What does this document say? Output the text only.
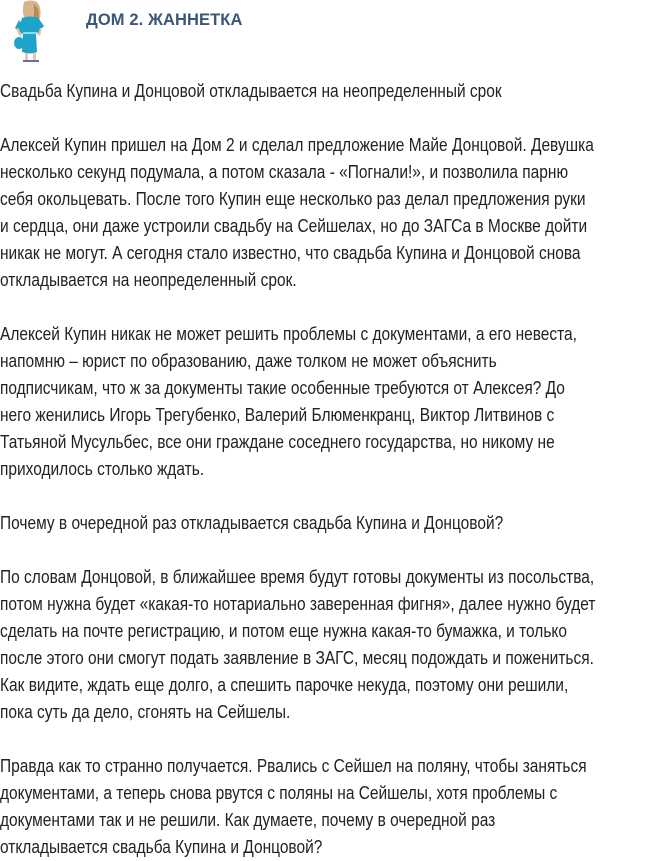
ДОМ 2. ЖАННЕТКА
Свадьба Купина и Донцовой откладывается на неопределенный срок
Алексей Купин пришел на Дом 2 и сделал предложение Майе Донцовой. Девушка
несколько секунд подумала, а потом сказала - «Погнали!», и позволила парню
себя окольцевать. После того Купин еще несколько раз делал предложения руки
и сердца, они даже устроили свадьбу на Сейшелах, но до ЗАГСа в Москве дойти
никак не могут. А сегодня стало известно, что свадьба Купина и Донцовой снова
откладывается на неопределенный срок.
Алексей Купин никак не может решить проблемы с документами, а его невеста,
напомню – юрист по образованию, даже толком не может объяснить
подписчикам, что ж за документы такие особенные требуются от Алексея? До
него женились Игорь Трегубенко, Валерий Блюменкранц, Виктор Литвинов с
Татьяной Мусульбес, все они граждане соседнего государства, но никому не
приходилось столько ждать.
Почему в очередной раз откладывается свадьба Купина и Донцовой?
По словам Донцовой, в ближайшее время будут готовы документы из посольства,
потом нужна будет «какая-то нотариально заверенная фигня», далее нужно будет
сделать на почте регистрацию, и потом еще нужна какая-то бумажка, и только
после этого они смогут подать заявление в ЗАГС, месяц подождать и пожениться.
Как видите, ждать еще долго, а спешить парочке некуда, поэтому они решили,
пока суть да дело, сгонять на Сейшелы.
Правда как то странно получается. Рвались с Сейшел на поляну, чтобы заняться
документами, а теперь снова рвутся с поляны на Сейшелы, хотя проблемы с
документами так и не решили. Как думаете, почему в очередной раз
откладывается свадьба Купина и Донцовой?
